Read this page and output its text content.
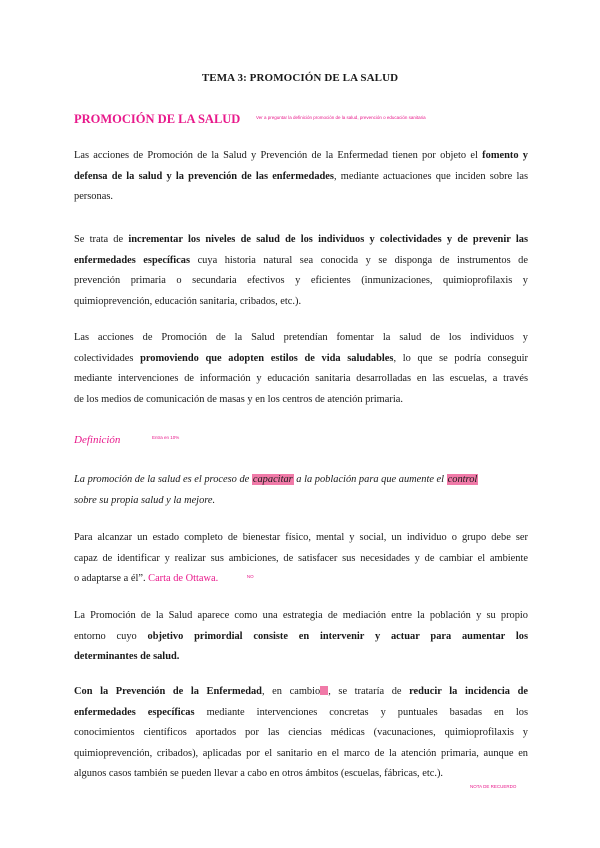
TEMA 3: PROMOCIÓN DE LA SALUD
PROMOCIÓN DE LA SALUD	Ver a preguntar la definición promoción de la salud, prevención o educación sanitaria
Las acciones de Promoción de la Salud y Prevención de la Enfermedad tienen por objeto el fomento y
defensa de la salud y la prevención de las enfermedades, mediante actuaciones que inciden sobre las
personas.
Se trata de incrementar los niveles de salud de los individuos y colectividades y de prevenir las
enfermedades específicas cuya historia natural sea conocida y se disponga de instrumentos de
prevención primaria o secundaria efectivos y eficientes (inmunizaciones, quimioprofilaxis y
quimioprevención, educación sanitaria, cribados, etc.).
Las acciones de Promoción de la Salud pretendían fomentar la salud de los individuos y
colectividades promoviendo que adopten estilos de vida saludables, lo que se podría conseguir
mediante intervenciones de información y educación sanitaria desarrolladas en las escuelas, a través
de los medios de comunicación de masas y en los centros de atención primaria.
Definición	Entra en 10%
La promoción de la salud es el proceso de capacitar a la población para que aumente el control
sobre su propia salud y la mejore.
Para alcanzar un estado completo de bienestar físico, mental y social, un individuo o grupo debe ser
capaz de identificar y realizar sus ambiciones, de satisfacer sus necesidades y de cambiar el ambiente
o adaptarse a él”. Carta de Ottawa.	$^{NO}$
La Promoción de la Salud aparece como una estrategia de mediación entre la población y su propio
entorno cuyo objetivo primordial consiste en intervenir y actuar para aumentar los
determinantes de salud.
Con la Prevención de la Enfermedad, en cambio , se trataría de reducir la incidencia de
enfermedades específicas mediante intervenciones concretas y puntuales basadas en los
conocimientos científicos aportados por las ciencias médicas (vacunaciones, quimioprofilaxis y
quimioprevención, cribados), aplicadas por el sanitario en el marco de la atención primaria, aunque en
algunos casos también se pueden llevar a cabo en otros ámbitos (escuelas, fábricas, etc.).
NOTA DE RECUERDO
